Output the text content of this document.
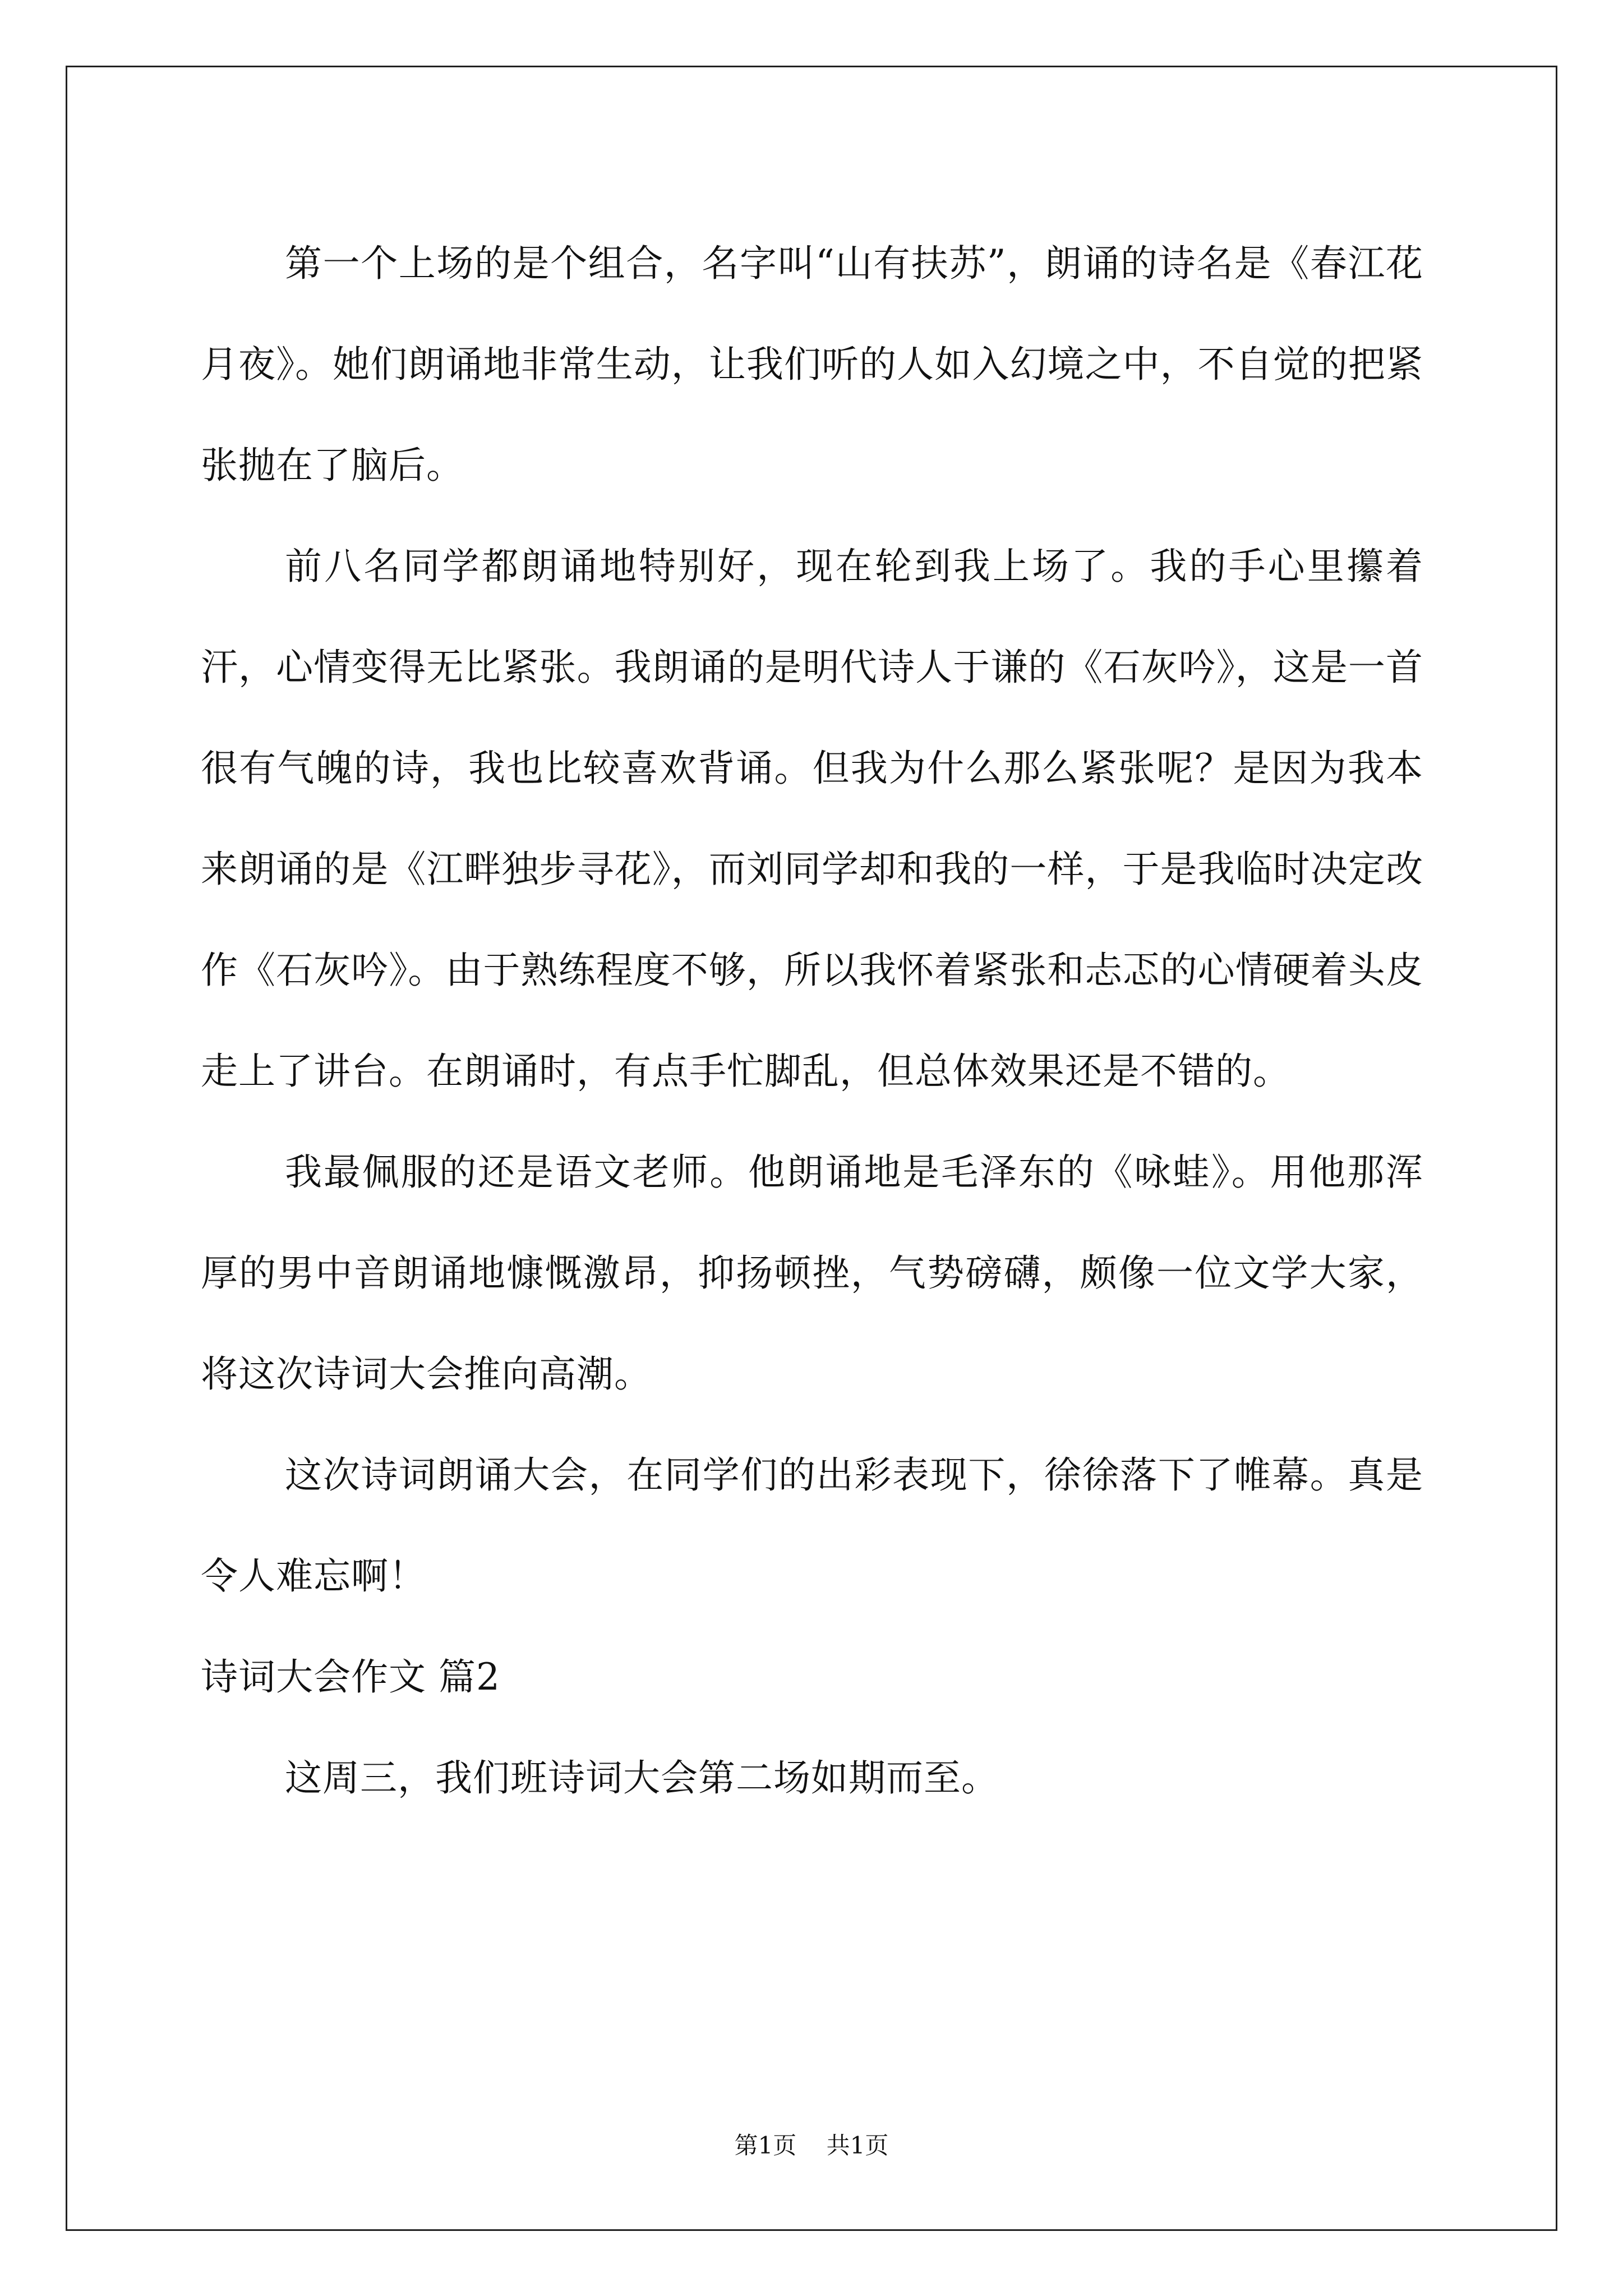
第一个上场的是个组合，名字叫“山有扶苏”，朗诵的诗名是《春江花月夜》。她们朗诵地非常生动，让我们听的人如入幻境之中，不自觉的把紧张抛在了脑后。

前八名同学都朗诵地特别好，现在轮到我上场了。我的手心里攥着汗，心情变得无比紧张。我朗诵的是明代诗人于谦的《石灰吟》，这是一首很有气魄的诗，我也比较喜欢背诵。但我为什么那么紧张呢？是因为我本来朗诵的是《江畔独步寻花》，而刘同学却和我的一样，于是我临时决定改作《石灰吟》。由于熟练程度不够，所以我怀着紧张和忐忑的心情硬着头皮走上了讲台。在朗诵时，有点手忙脚乱，但总体效果还是不错的。

我最佩服的还是语文老师。他朗诵地是毛泽东的《咏蛙》。用他那浑厚的男中音朗诵地慷慨激昂，抑扬顿挫，气势磅礴，颇像一位文学大家，将这次诗词大会推向高潮。

这次诗词朗诵大会，在同学们的出彩表现下，徐徐落下了帷幕。真是令人难忘啊！

诗词大会作文 篇2

这周三，我们班诗词大会第二场如期而至。

第1页 共1页
